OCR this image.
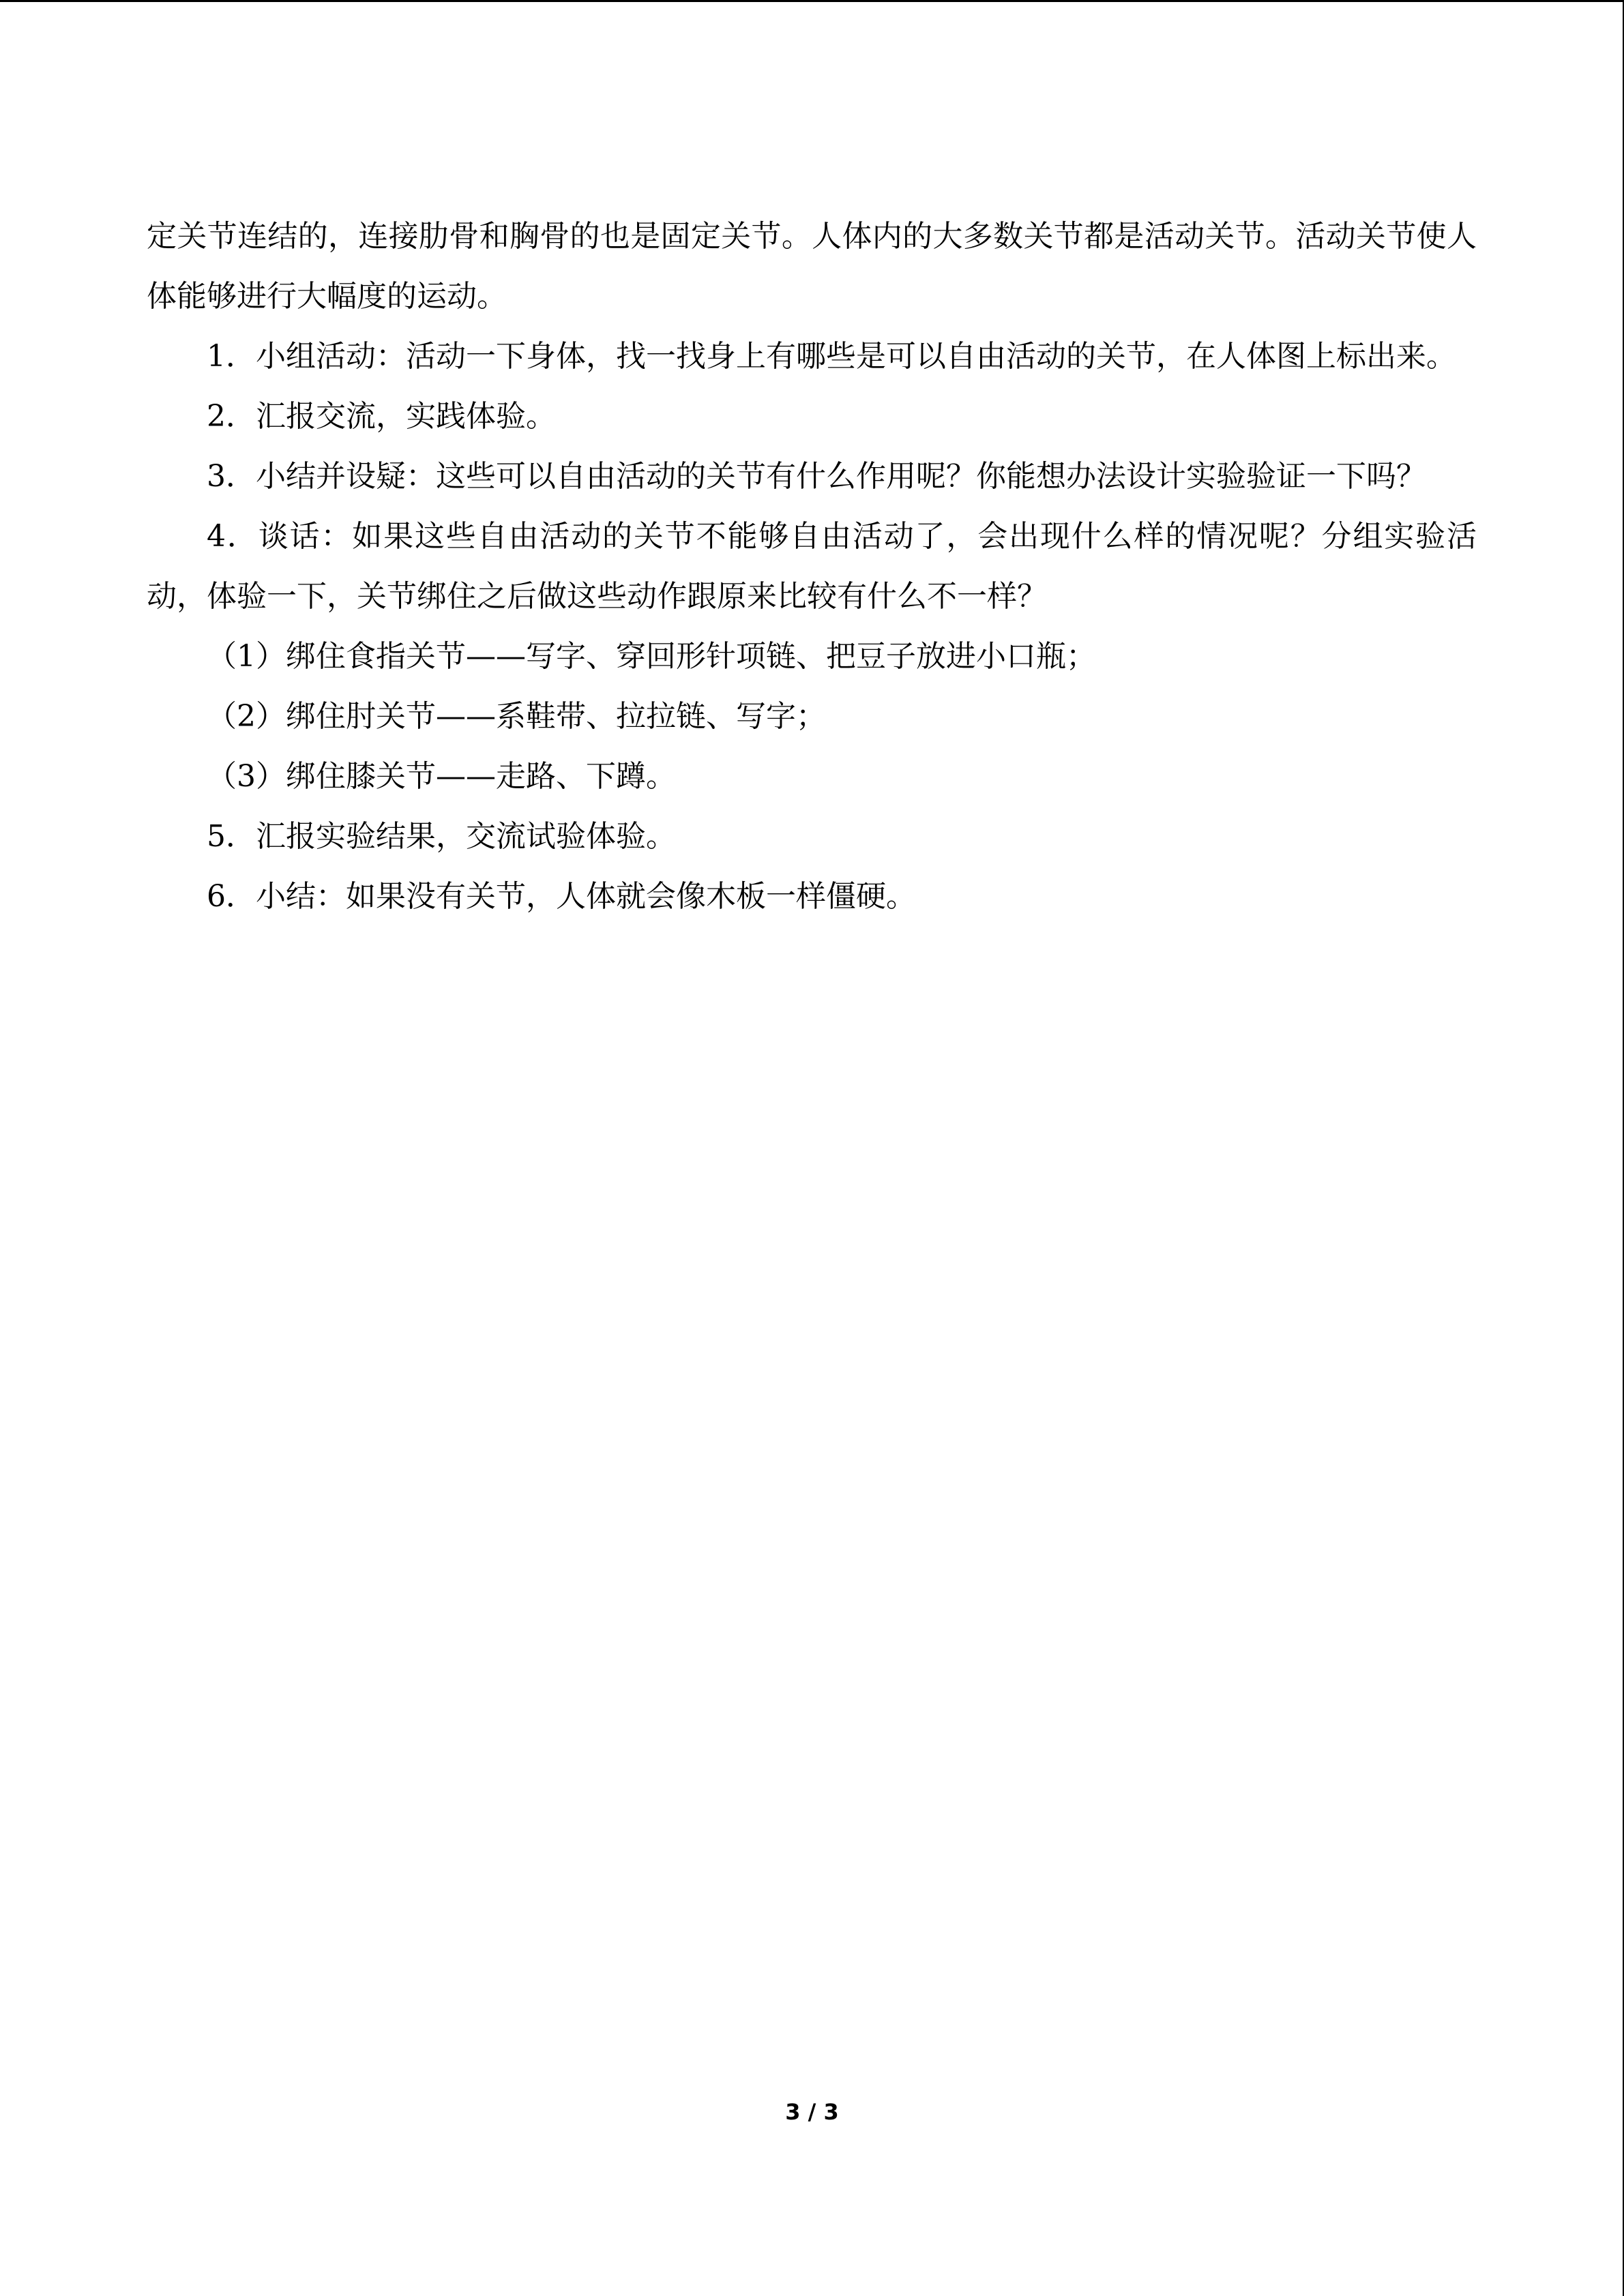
定关节连结的，连接肋骨和胸骨的也是固定关节。人体内的大多数关节都是活动关节。活动关节使人体能够进行大幅度的运动。

1．小组活动：活动一下身体，找一找身上有哪些是可以自由活动的关节，在人体图上标出来。

2．汇报交流，实践体验。

3．小结并设疑：这些可以自由活动的关节有什么作用呢？你能想办法设计实验验证一下吗？

4．谈话：如果这些自由活动的关节不能够自由活动了，会出现什么样的情况呢？分组实验活动，体验一下，关节绑住之后做这些动作跟原来比较有什么不一样？

（1）绑住食指关节——写字、穿回形针项链、把豆子放进小口瓶；

（2）绑住肘关节——系鞋带、拉拉链、写字；

（3）绑住膝关节——走路、下蹲。

5．汇报实验结果，交流试验体验。

6．小结：如果没有关节，人体就会像木板一样僵硬。

3 / 3
